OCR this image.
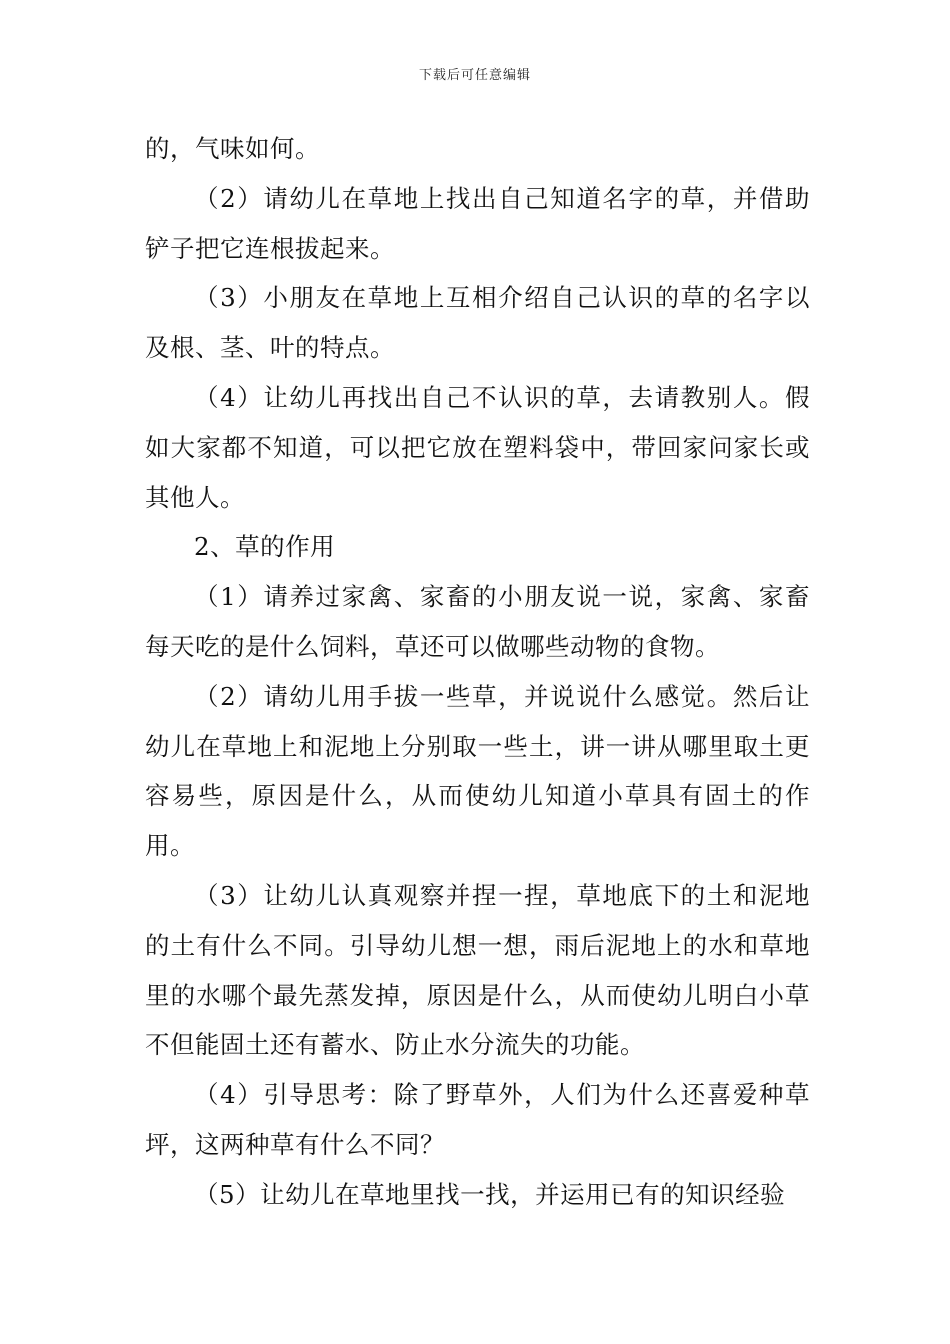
下载后可任意编辑

的，气味如何。

（2）请幼儿在草地上找出自己知道名字的草，并借助铲子把它连根拔起来。

（3）小朋友在草地上互相介绍自己认识的草的名字以及根、茎、叶的特点。

（4）让幼儿再找出自己不认识的草，去请教别人。假如大家都不知道，可以把它放在塑料袋中，带回家问家长或其他人。

2、草的作用

（1）请养过家禽、家畜的小朋友说一说，家禽、家畜每天吃的是什么饲料，草还可以做哪些动物的食物。

（2）请幼儿用手拔一些草，并说说什么感觉。然后让幼儿在草地上和泥地上分别取一些土，讲一讲从哪里取土更容易些，原因是什么，从而使幼儿知道小草具有固土的作用。

（3）让幼儿认真观察并捏一捏，草地底下的土和泥地的土有什么不同。引导幼儿想一想，雨后泥地上的水和草地里的水哪个最先蒸发掉，原因是什么，从而使幼儿明白小草不但能固土还有蓄水、防止水分流失的功能。

（4）引导思考：除了野草外，人们为什么还喜爱种草坪，这两种草有什么不同？

（5）让幼儿在草地里找一找，并运用已有的知识经验
